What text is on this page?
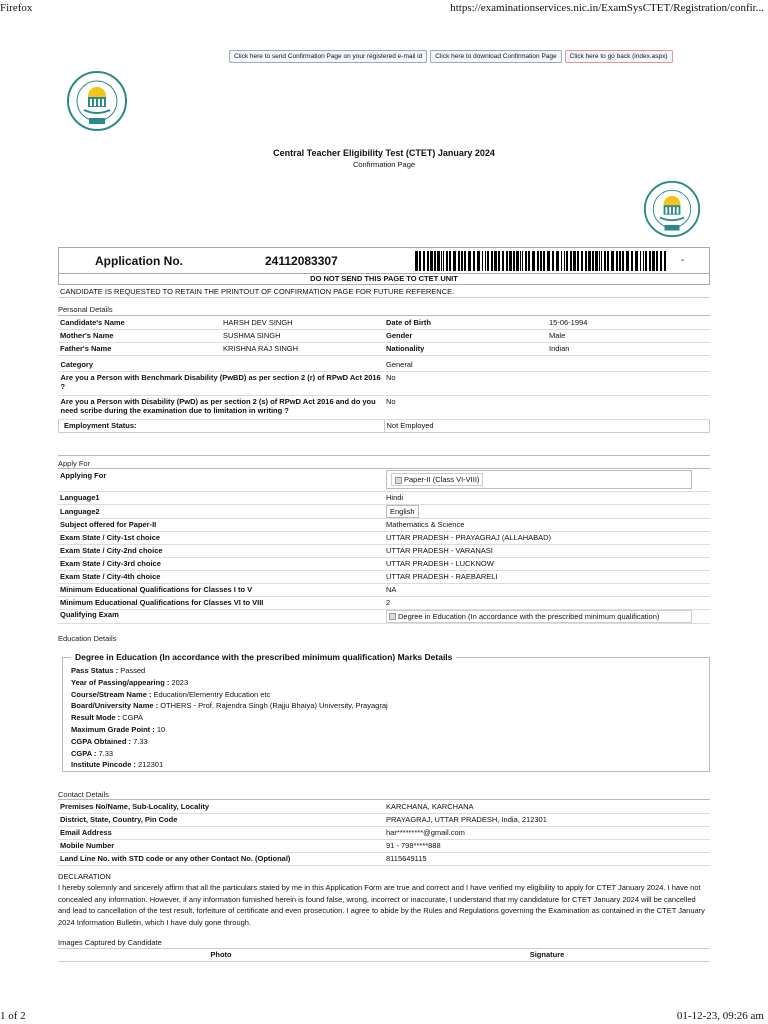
Firefox	https://examinationservices.nic.in/ExamSysCTET/Registration/confir...
1 of 2	01-12-23, 09:26 am
Click here to send Confirmation Page on your registered e-mail id	Click here to download Confirmation Page	Click here to go back (index.aspx)
Central Teacher Eligibility Test (CTET) January 2024
Confirmation Page
Application No.	24112083307	-
DO NOT SEND THIS PAGE TO CTET UNIT
CANDIDATE IS REQUESTED TO RETAIN THE PRINTOUT OF CONFIRMATION PAGE FOR FUTURE REFERENCE.
Personal Details
Candidate's Name	HARSH DEV SINGH	Date of Birth	15-06-1994
Mother's Name	SUSHMA SINGH	Gender	Male
Father's Name	KRISHNA RAJ SINGH	Nationality	Indian
Category	General
Are you a Person with Benchmark Disability (PwBD) as per section 2 (r) of RPwD Act 2016 ?	No
Are you a Person with Disability (PwD) as per section 2 (s) of RPwD Act 2016 and do you need scribe during the examination due to limitation in writing ?	No
Employment Status:	Not Employed
Apply For
Applying For	Paper-II (Class VI-VIII)
Language1	Hindi
Language2	English
Subject offered for Paper-II	Mathematics & Science
Exam State / City-1st choice	UTTAR PRADESH - PRAYAGRAJ (ALLAHABAD)
Exam State / City-2nd choice	UTTAR PRADESH - VARANASI
Exam State / City-3rd choice	UTTAR PRADESH - LUCKNOW
Exam State / City-4th choice	UTTAR PRADESH - RAEBARELI
Minimum Educational Qualifications for Classes I to V	NA
Minimum Educational Qualifications for Classes VI to VIII	2
Qualifying Exam	Degree in Education (In accordance with the prescribed minimum qualification)
Education Details
Degree in Education (In accordance with the prescribed minimum qualification) Marks Details
Pass Status : Passed
Year of Passing/appearing : 2023
Course/Stream Name : Education/Elementry Education etc
Board/University Name : OTHERS - Prof. Rajendra Singh (Rajju Bhaiya) University, Prayagraj
Result Mode : CGPA
Maximum Grade Point : 10
CGPA Obtained : 7.33
CGPA : 7.33
Institute Pincode : 212301
Contact Details
Premises No/Name, Sub-Locality, Locality	KARCHANA, KARCHANA
District, State, Country, Pin Code	PRAYAGRAJ, UTTAR PRADESH, India, 212301
Email Address	har*********@gmail.com
Mobile Number	91 - 798*****888
Land Line No. with STD code or any other Contact No. (Optional)	8115649115
DECLARATION
I hereby solemnly and sincerely affirm that all the particulars stated by me in this Application Form are true and correct and I have verified my eligibility to apply for CTET January 2024. I have not concealed any information. However, if any information furnished herein is found false, wrong, incorrect or inaccurate, I understand that my candidature for CTET January 2024 will be cancelled and lead to cancellation of the test result, forfeiture of certificate and even prosecution. I agree to abide by the Rules and Regulations governing the Examination as contained in the CTET January 2024 Information Bulletin, which I have duly gone through.
Images Captured by Candidate
Photo	Signature
